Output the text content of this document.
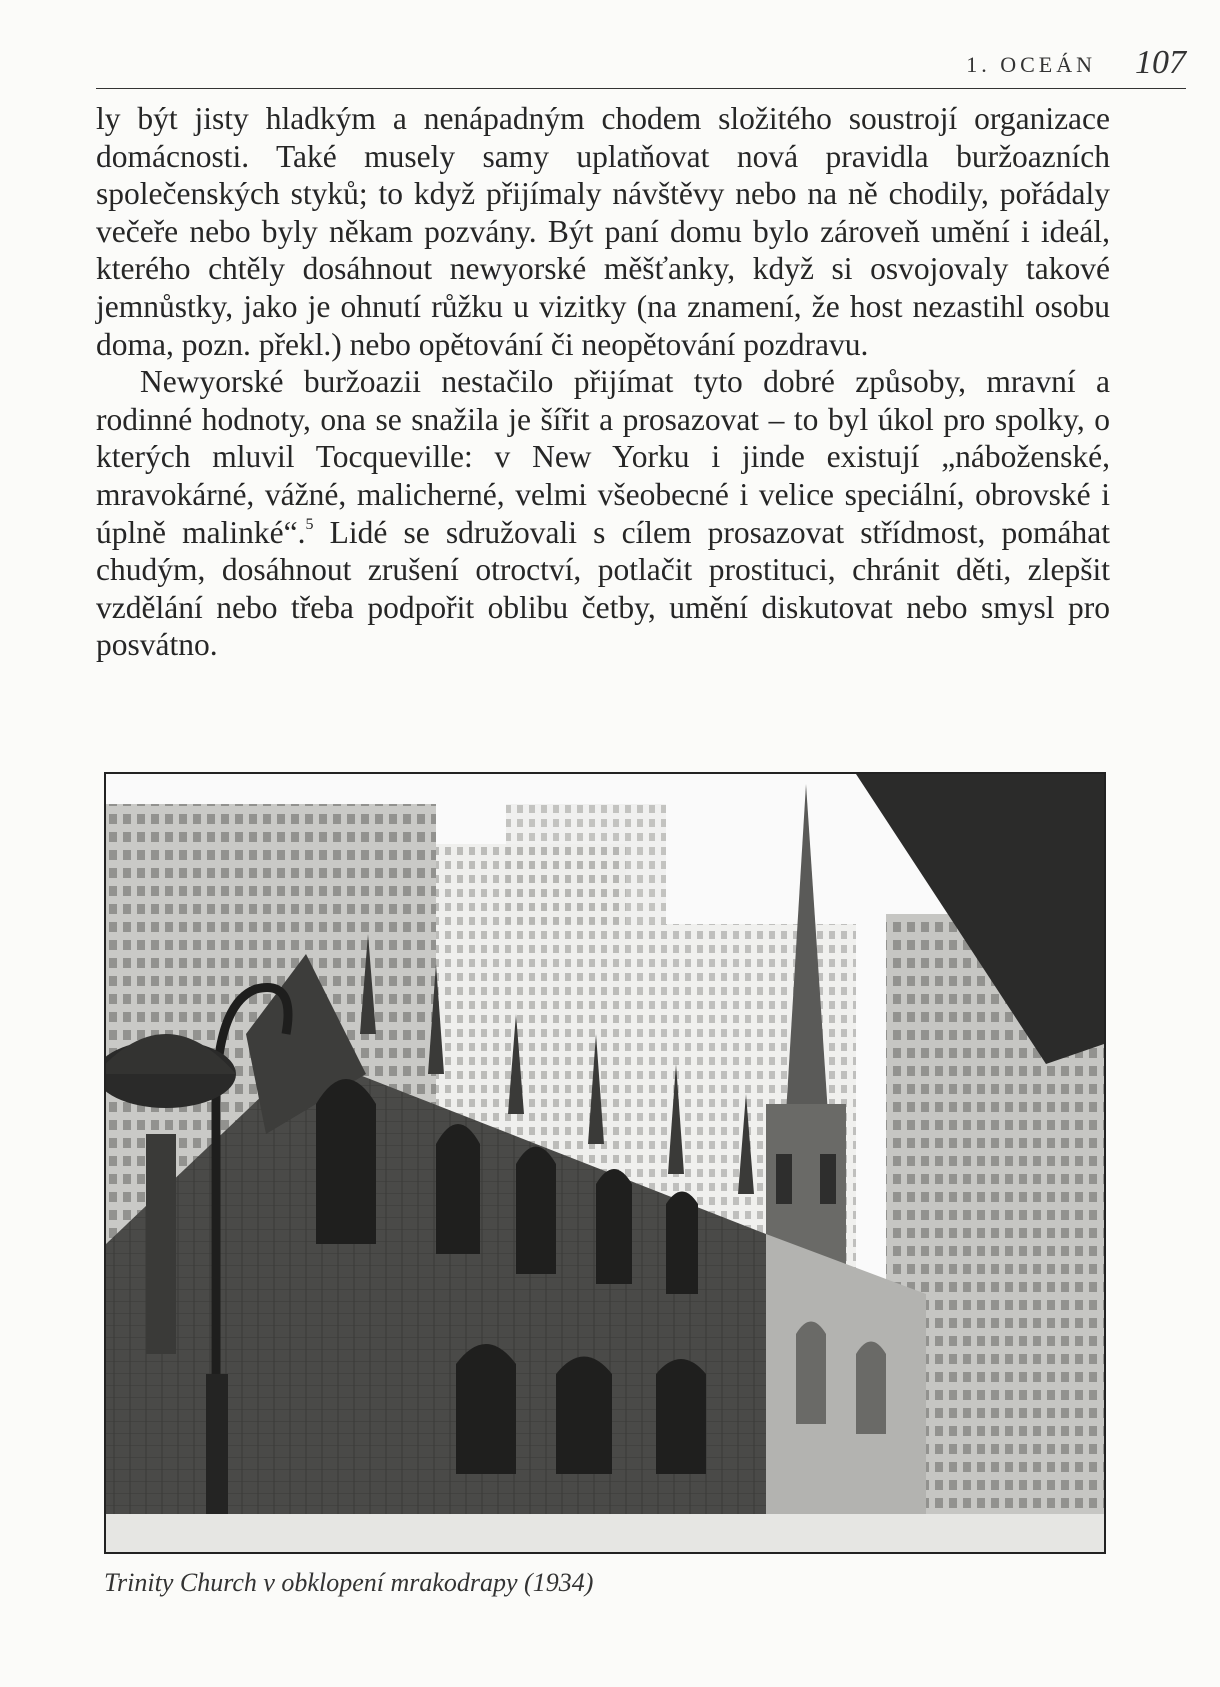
1. OCEÁN 107

ly být jisty hladkým a nenápadným chodem složitého soustrojí organizace domácnosti. Také musely samy uplatňovat nová pravidla buržoazních společenských styků; to když přijímaly návštěvy nebo na ně chodily, pořádaly večeře nebo byly někam pozvány. Být paní domu bylo zároveň umění i ideál, kterého chtěly dosáhnout newyorské měšťanky, když si osvojovaly takové jemnůstky, jako je ohnutí růžku u vizitky (na znamení, že host nezastihl osobu doma, pozn. překl.) nebo opětování či neopětování pozdravu.

Newyorské buržoazii nestačilo přijímat tyto dobré způsoby, mravní a rodinné hodnoty, ona se snažila je šířit a prosazovat – to byl úkol pro spolky, o kterých mluvil Tocqueville: v New Yorku i jinde existují „náboženské, mravokárné, vážné, malicherné, velmi všeobecné i velice speciální, obrovské i úplně malinké“.$^5$ Lidé se sdružovali s cílem prosazovat střídmost, pomáhat chudým, dosáhnout zrušení otroctví, potlačit prostituci, chránit děti, zlepšit vzdělání nebo třeba podpořit oblibu četby, umění diskutovat nebo smysl pro posvátno.

Trinity Church v obklopení mrakodrapy (1934)
